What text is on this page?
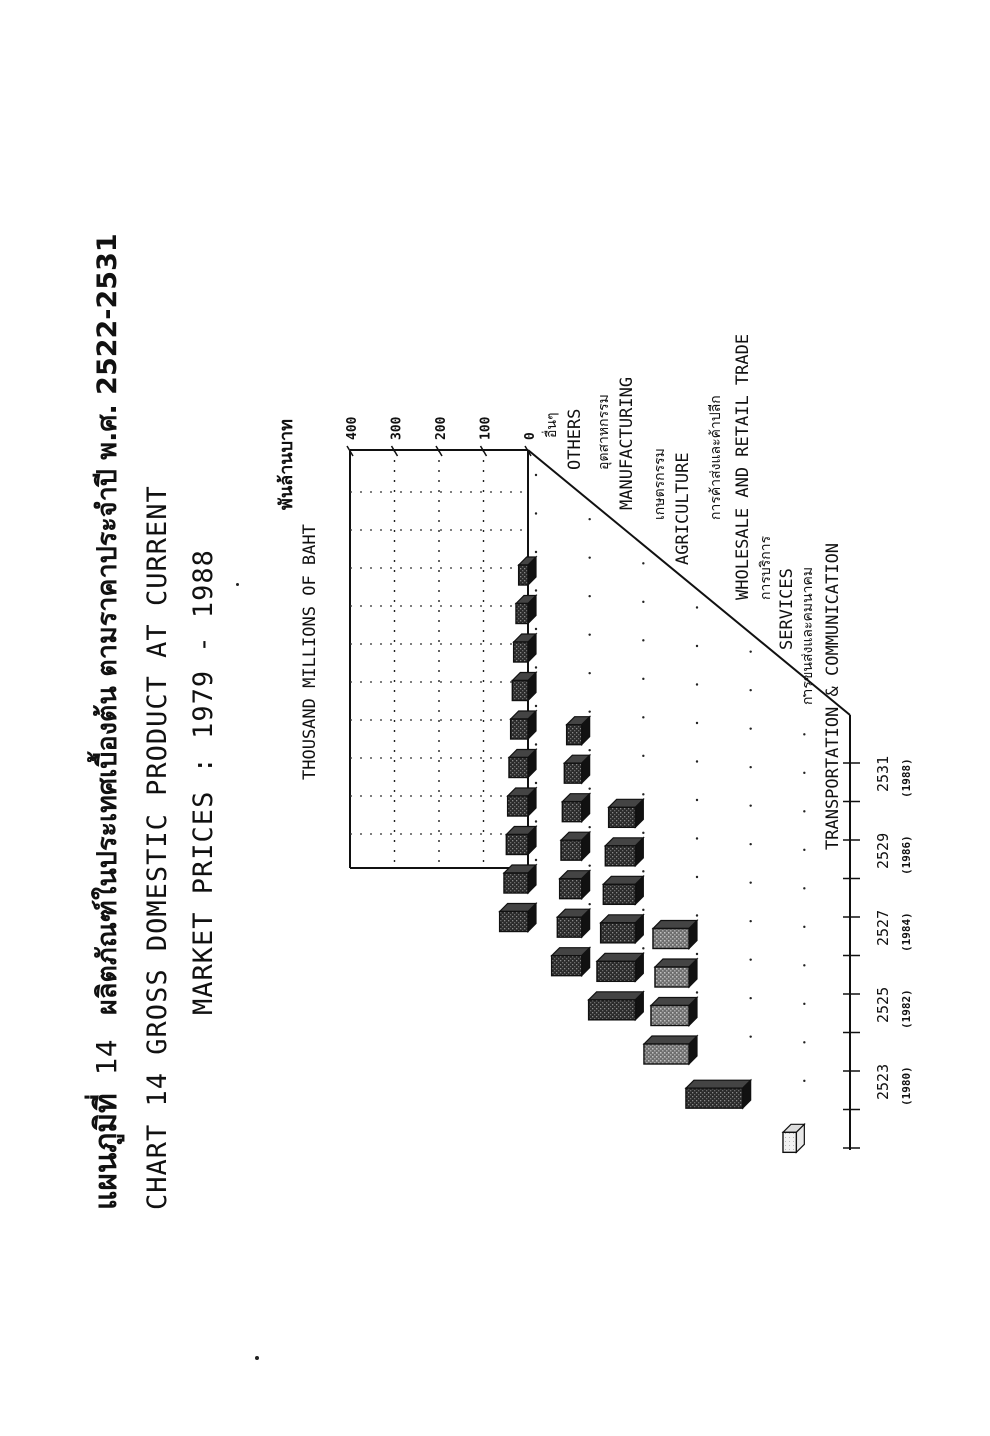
แผนภูมิที่
14
ผลิตภัณฑ์ในประเทศเบื้องต้น ตามราคาประจำปี พ.ศ. 2522-2531 CHART 14 GROSS DOMESTIC PRODUCT AT CURRENT MARKET PRICES : 1979 - 1988
พันล้านบาท
THOUSAND MILLIONS OF BAHT
0
100
200
300
400
2523 (1980)
2525 (1982)
2527 (1984)
2529 (1986)
2531 (1988)
การขนส่งและคมนาคม TRANSPORTATION & COMMUNICATION
การบริการ
SERVICES
การค้าส่งและค้าปลีก WHOLESALE AND RETAIL TRADE
เกษตรกรรม AGRICULTURE
อุตสาหกรรม MANUFACTURING
อื่นๆ OTHERS
